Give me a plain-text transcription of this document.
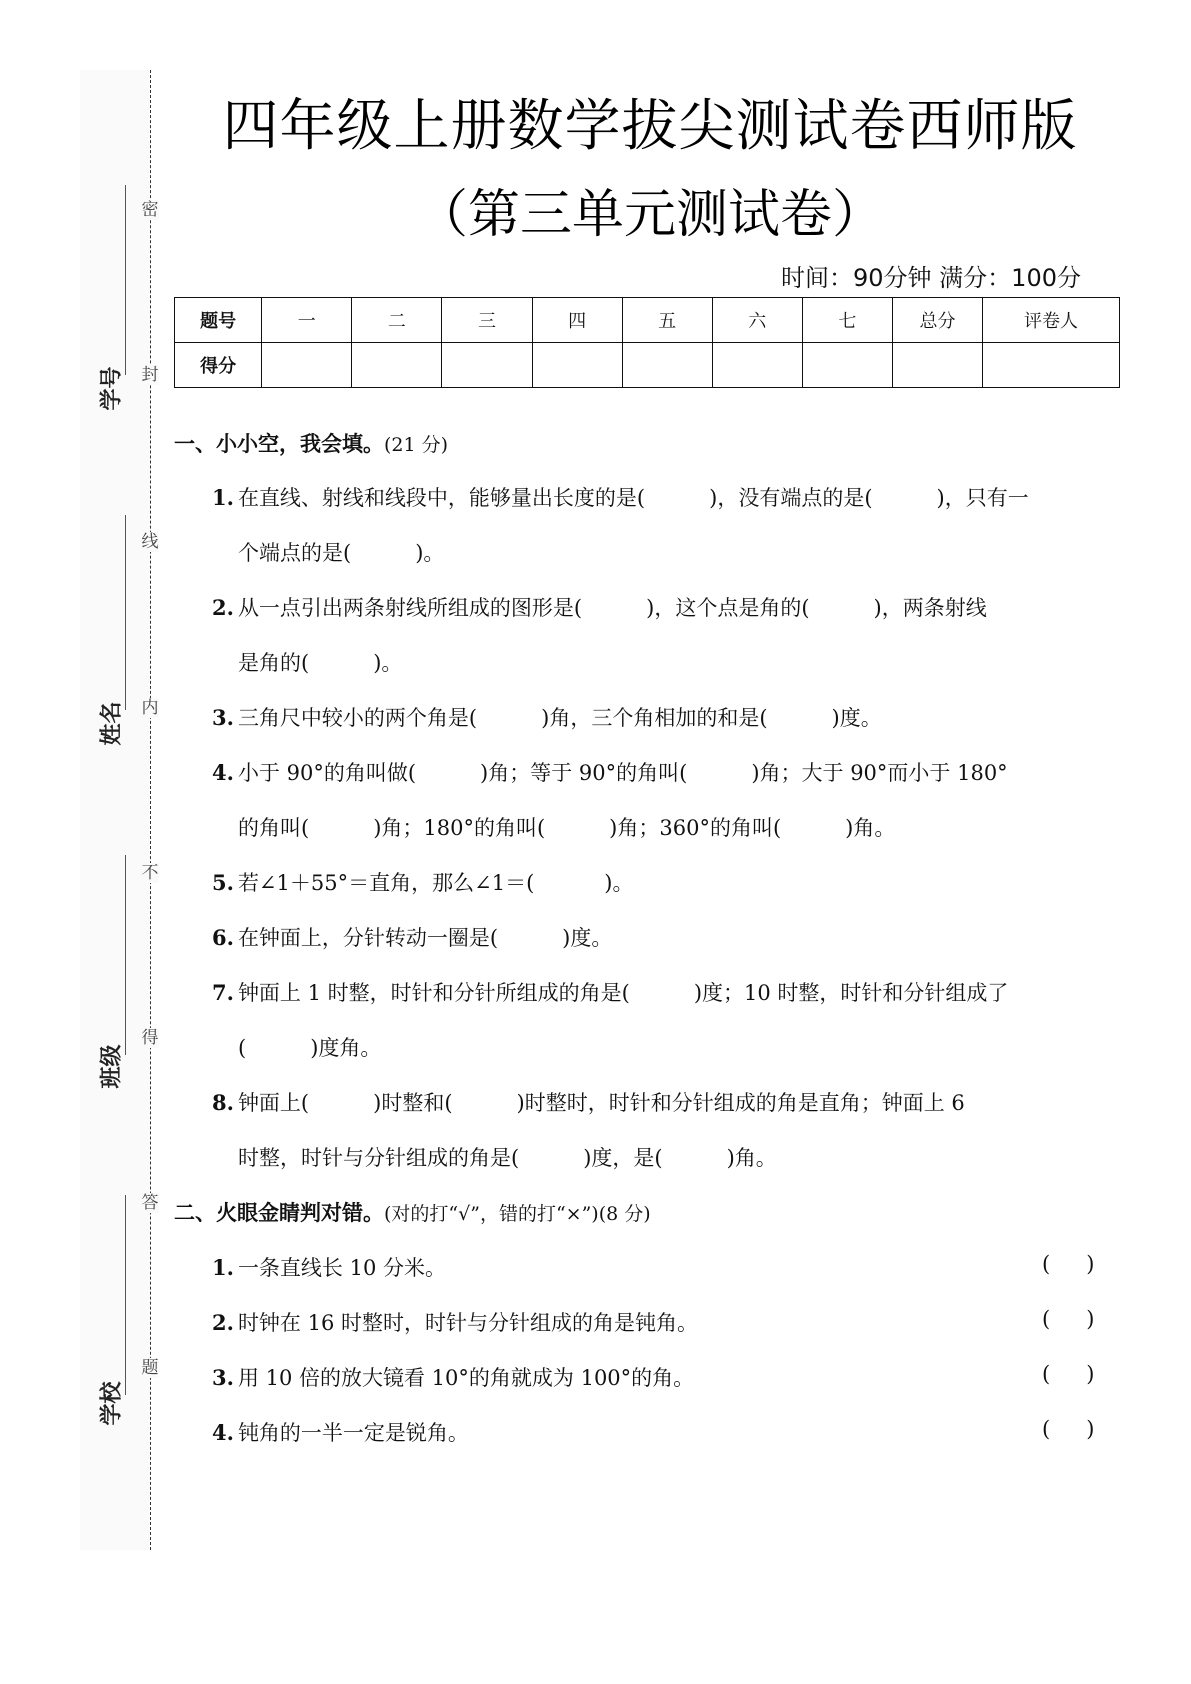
密
封
线
内
不
得
答
题
学号
姓名
班级
学校
四年级上册数学拔尖测试卷西师版
（第三单元测试卷）
时间：90分钟 满分：100分
题号	一	二	三	四	五	六	七	总分	评卷人
得分									
一、小小空，我会填。(21 分)
1. 在直线、射线和线段中，能够量出长度的是(	)，没有端点的是(	)，只有一
个端点的是(	)。
2. 从一点引出两条射线所组成的图形是(	)，这个点是角的(	)，两条射线
是角的(	)。
3. 三角尺中较小的两个角是(	)角，三个角相加的和是(	)度。
4. 小于 90°的角叫做(	)角；等于 90°的角叫(	)角；大于 90°而小于 180°
的角叫(	)角；180°的角叫(	)角；360°的角叫(	)角。
5. 若∠1＋55°＝直角，那么∠1＝(	)。
6. 在钟面上，分针转动一圈是(	)度。
7. 钟面上 1 时整，时针和分针所组成的角是(	)度；10 时整，时针和分针组成了
(	)度角。
8. 钟面上(	)时整和(	)时整时，时针和分针组成的角是直角；钟面上 6
时整，时针与分针组成的角是(	)度，是(	)角。
二、火眼金睛判对错。(对的打“√”，错的打“×”)(8 分)
1. 一条直线长 10 分米。	( )
2. 时钟在 16 时整时，时针与分针组成的角是钝角。	( )
3. 用 10 倍的放大镜看 10°的角就成为 100°的角。	( )
4. 钝角的一半一定是锐角。	( )
